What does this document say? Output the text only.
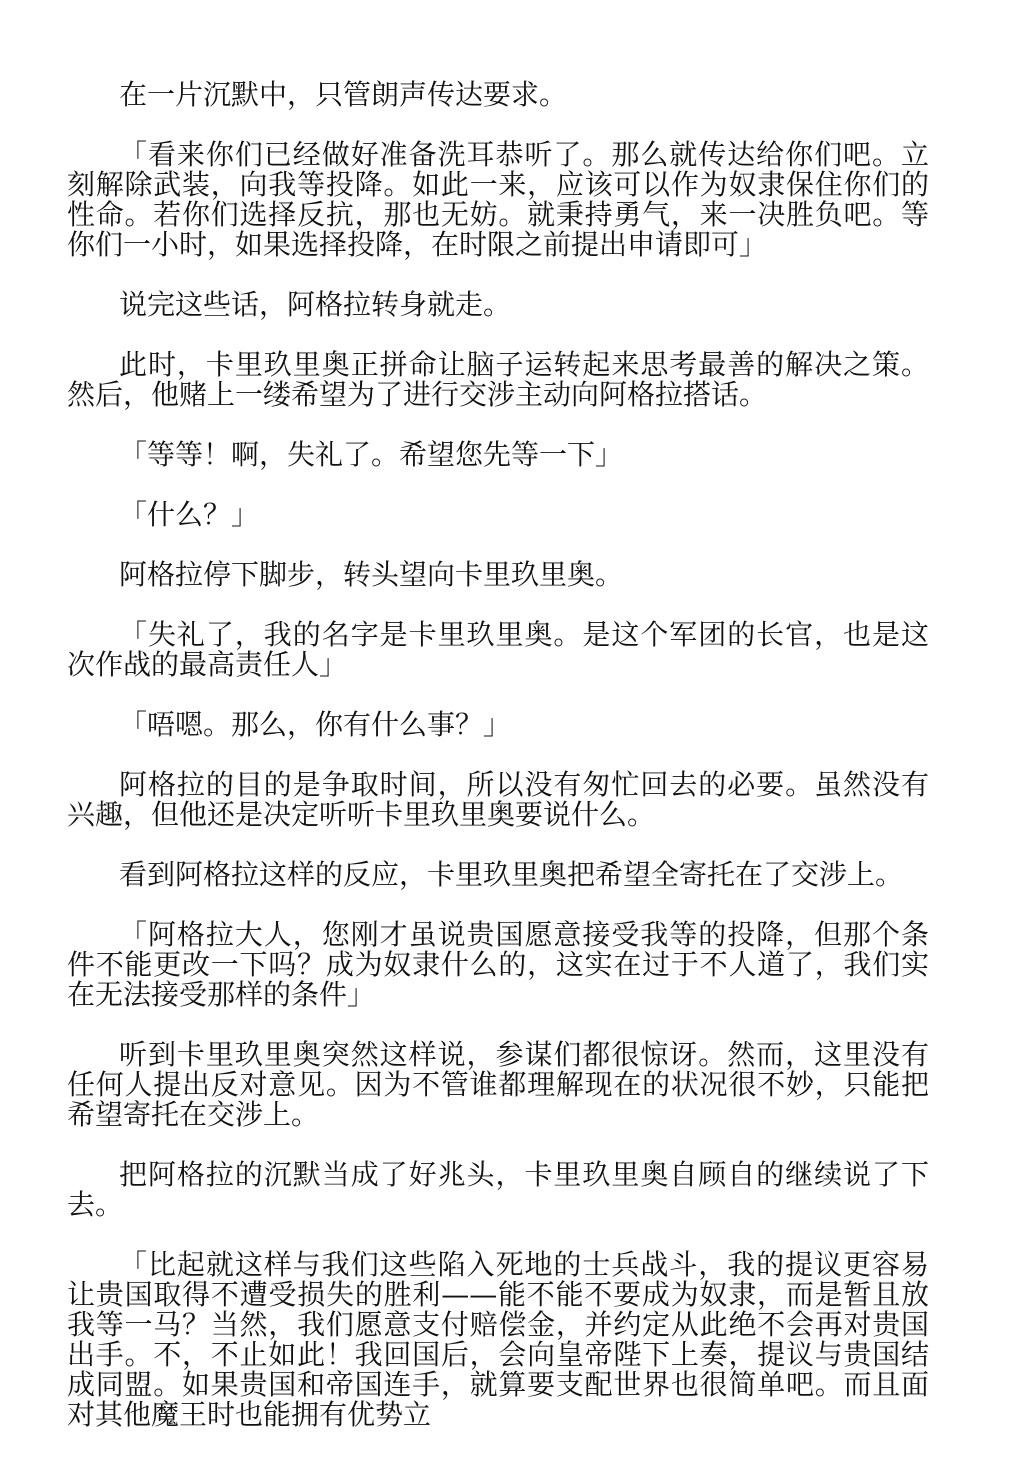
在一片沉默中，只管朗声传达要求。

「看来你们已经做好准备洗耳恭听了。那么就传达给你们吧。立刻解除武装，向我等投降。如此一来，应该可以作为奴隶保住你们的性命。若你们选择反抗，那也无妨。就秉持勇气，来一决胜负吧。等你们一小时，如果选择投降，在时限之前提出申请即可」

说完这些话，阿格拉转身就走。

此时，卡里玖里奥正拼命让脑子运转起来思考最善的解决之策。然后，他赌上一缕希望为了进行交涉主动向阿格拉搭话。

「等等！啊，失礼了。希望您先等一下」

「什么？」

阿格拉停下脚步，转头望向卡里玖里奥。

「失礼了，我的名字是卡里玖里奥。是这个军团的长官，也是这次作战的最高责任人」

「唔嗯。那么，你有什么事？」

阿格拉的目的是争取时间，所以没有匆忙回去的必要。虽然没有兴趣，但他还是决定听听卡里玖里奥要说什么。

看到阿格拉这样的反应，卡里玖里奥把希望全寄托在了交涉上。

「阿格拉大人，您刚才虽说贵国愿意接受我等的投降，但那个条件不能更改一下吗？成为奴隶什么的，这实在过于不人道了，我们实在无法接受那样的条件」

听到卡里玖里奥突然这样说，参谋们都很惊讶。然而，这里没有任何人提出反对意见。因为不管谁都理解现在的状况很不妙，只能把希望寄托在交涉上。

把阿格拉的沉默当成了好兆头，卡里玖里奥自顾自的继续说了下去。

「比起就这样与我们这些陷入死地的士兵战斗，我的提议更容易让贵国取得不遭受损失的胜利——能不能不要成为奴隶，而是暂且放我等一马？当然，我们愿意支付赔偿金，并约定从此绝不会再对贵国出手。不，不止如此！我回国后，会向皇帝陛下上奏，提议与贵国结成同盟。如果贵国和帝国连手，就算要支配世界也很简单吧。而且面对其他魔王时也能拥有优势立
